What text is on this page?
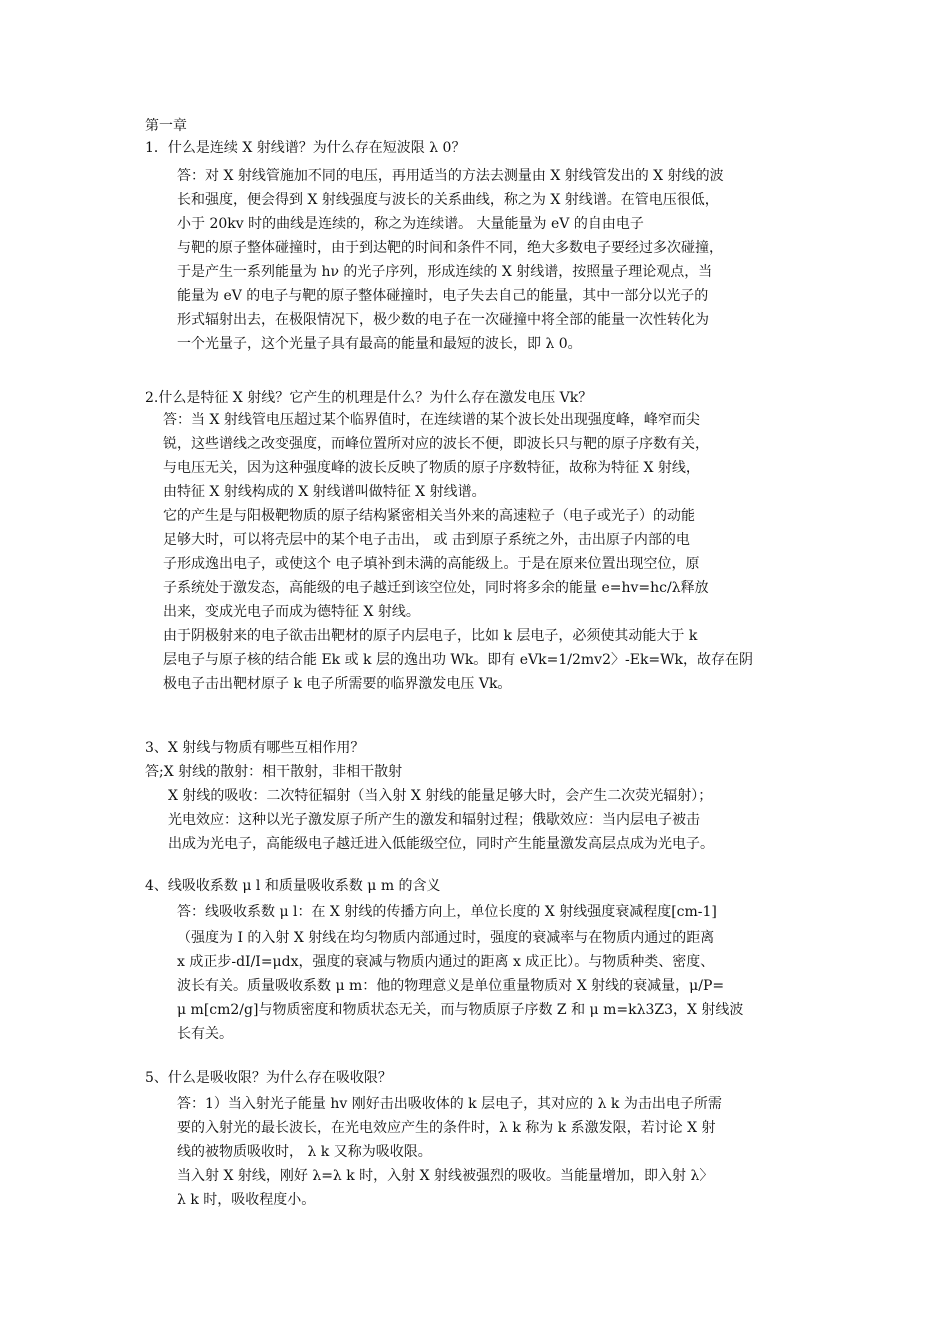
第一章
1．什么是连续 X 射线谱？为什么存在短波限 λ 0？
答：对 X 射线管施加不同的电压，再用适当的方法去测量由 X 射线管发出的 X 射线的波
长和强度，便会得到 X 射线强度与波长的关系曲线，称之为 X 射线谱。在管电压很低，
小于 20kv 时的曲线是连续的，称之为连续谱。 大量能量为 eV 的自由电子
与靶的原子整体碰撞时，由于到达靶的时间和条件不同，绝大多数电子要经过多次碰撞，
于是产生一系列能量为 hν 的光子序列，形成连续的 X 射线谱，按照量子理论观点，当
能量为 eV 的电子与靶的原子整体碰撞时，电子失去自己的能量，其中一部分以光子的
形式辐射出去，在极限情况下，极少数的电子在一次碰撞中将全部的能量一次性转化为
一个光量子，这个光量子具有最高的能量和最短的波长，即 λ 0。
2.什么是特征 X 射线？它产生的机理是什么？为什么存在激发电压 Vk？
答：当 X 射线管电压超过某个临界值时，在连续谱的某个波长处出现强度峰，峰窄而尖
锐，这些谱线之改变强度，而峰位置所对应的波长不便，即波长只与靶的原子序数有关，
与电压无关，因为这种强度峰的波长反映了物质的原子序数特征，故称为特征 X 射线，
由特征 X 射线构成的 X 射线谱叫做特征 X 射线谱。
它的产生是与阳极靶物质的原子结构紧密相关当外来的高速粒子（电子或光子）的动能
足够大时，可以将壳层中的某个电子击出， 或 击到原子系统之外，击出原子内部的电
子形成逸出电子，或使这个 电子填补到未满的高能级上。于是在原来位置出现空位，原
子系统处于激发态，高能级的电子越迁到该空位处，同时将多余的能量 e=hv=hc/λ释放
出来，变成光电子而成为德特征 X 射线。
由于阴极射来的电子欲击出靶材的原子内层电子，比如 k 层电子，必须使其动能大于 k
层电子与原子核的结合能 Ek 或 k 层的逸出功 Wk。即有 eVk=1/2mv2〉-Ek=Wk，故存在阴
极电子击出靶材原子 k 电子所需要的临界激发电压 Vk。
3、X 射线与物质有哪些互相作用？
答;X 射线的散射：相干散射，非相干散射
X 射线的吸收：二次特征辐射（当入射 X 射线的能量足够大时，会产生二次荧光辐射）；
光电效应：这种以光子激发原子所产生的激发和辐射过程；俄歇效应：当内层电子被击
出成为光电子，高能级电子越迁进入低能级空位，同时产生能量激发高层点成为光电子。
4、线吸收系数 μ l 和质量吸收系数 μ m 的含义
答：线吸收系数 μ l：在 X 射线的传播方向上，单位长度的 X 射线强度衰减程度[cm-1]
（强度为 I 的入射 X 射线在均匀物质内部通过时，强度的衰减率与在物质内通过的距离
x 成正步-dI/I=μdx，强度的衰减与物质内通过的距离 x 成正比）。与物质种类、密度、
波长有关。质量吸收系数 μ m：他的物理意义是单位重量物质对 X 射线的衰减量，μ/P=
μ m[cm2/g]与物质密度和物质状态无关，而与物质原子序数 Z 和 μ m=kλ3Z3，X 射线波
长有关。
5、什么是吸收限？为什么存在吸收限？
答：1）当入射光子能量 hv 刚好击出吸收体的 k 层电子，其对应的 λ k 为击出电子所需
要的入射光的最长波长，在光电效应产生的条件时，λ k 称为 k 系激发限，若讨论 X 射
线的被物质吸收时， λ k 又称为吸收限。
当入射 X 射线，刚好 λ=λ k 时，入射 X 射线被强烈的吸收。当能量增加，即入射 λ〉
λ k 时，吸收程度小。
